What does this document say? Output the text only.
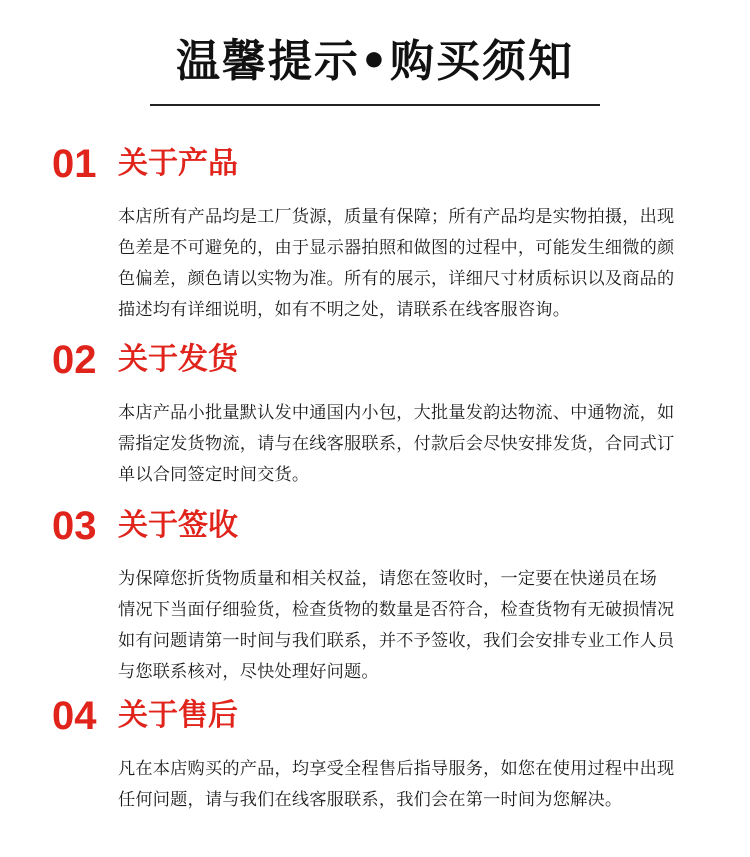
温馨提示•购买须知
01 关于产品
本店所有产品均是工厂货源，质量有保障；所有产品均是实物拍摄，出现
色差是不可避免的，由于显示器拍照和做图的过程中，可能发生细微的颜
色偏差，颜色请以实物为准。所有的展示，详细尺寸材质标识以及商品的
描述均有详细说明，如有不明之处，请联系在线客服咨询。
02 关于发货
本店产品小批量默认发中通国内小包，大批量发韵达物流、中通物流，如
需指定发货物流，请与在线客服联系，付款后会尽快安排发货，合同式订
单以合同签定时间交货。
03 关于签收
为保障您折货物质量和相关权益，请您在签收时，一定要在快递员在场
情况下当面仔细验货，检查货物的数量是否符合，检查货物有无破损情况
如有问题请第一时间与我们联系，并不予签收，我们会安排专业工作人员
与您联系核对，尽快处理好问题。
04 关于售后
凡在本店购买的产品，均享受全程售后指导服务，如您在使用过程中出现
任何问题，请与我们在线客服联系，我们会在第一时间为您解决。
